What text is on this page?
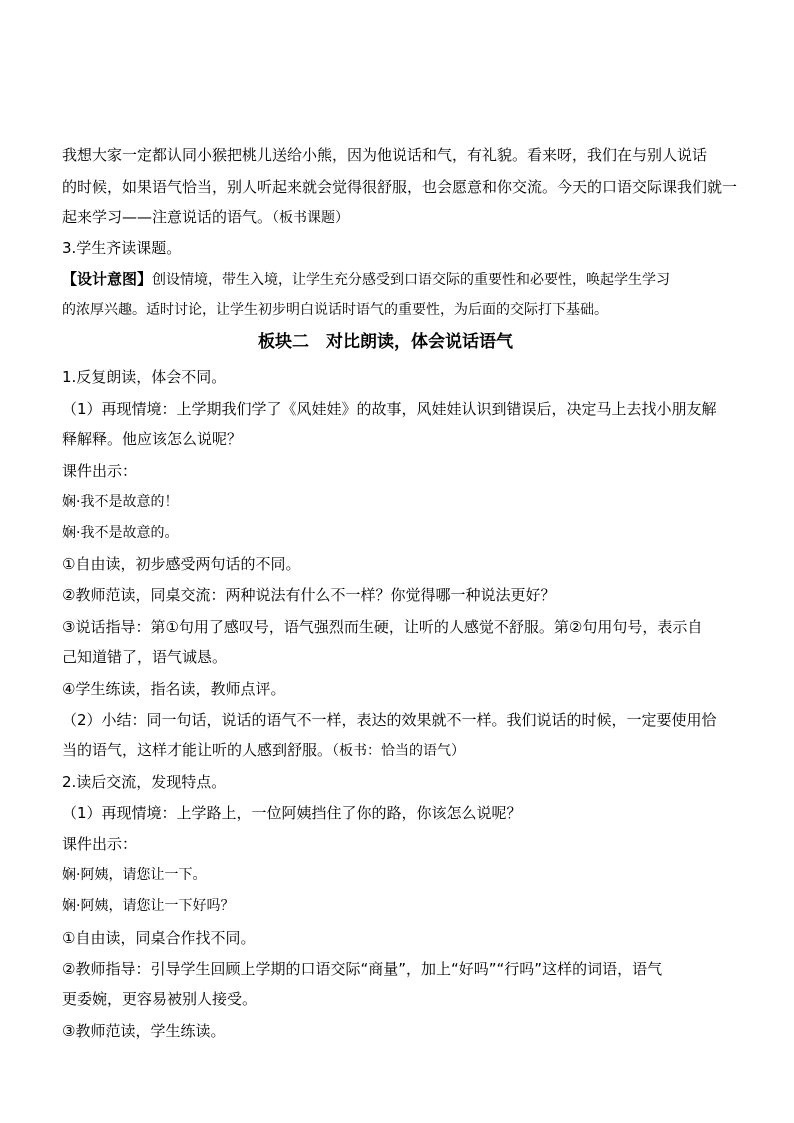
我想大家一定都认同小猴把桃儿送给小熊，因为他说话和气，有礼貌。看来呀，我们在与别人说话
的时候，如果语气恰当，别人听起来就会觉得很舒服，也会愿意和你交流。今天的口语交际课我们就一
起来学习——注意说话的语气。（板书课题）
3.学生齐读课题。
【设计意图】创设情境，带生入境，让学生充分感受到口语交际的重要性和必要性，唤起学生学习
的浓厚兴趣。适时讨论，让学生初步明白说话时语气的重要性，为后面的交际打下基础。
板块二　对比朗读，体会说话语气
1.反复朗读，体会不同。
（1）再现情境：上学期我们学了《风娃娃》的故事，风娃娃认识到错误后，决定马上去找小朋友解
释解释。他应该怎么说呢？
课件出示：
娴·我不是故意的！
娴·我不是故意的。
①自由读，初步感受两句话的不同。
②教师范读，同桌交流：两种说法有什么不一样？你觉得哪一种说法更好？
③说话指导：第①句用了感叹号，语气强烈而生硬，让听的人感觉不舒服。第②句用句号，表示自
己知道错了，语气诚恳。
④学生练读，指名读，教师点评。
（2）小结：同一句话，说话的语气不一样，表达的效果就不一样。我们说话的时候，一定要使用恰
当的语气，这样才能让听的人感到舒服。（板书：恰当的语气）
2.读后交流，发现特点。
（1）再现情境：上学路上，一位阿姨挡住了你的路，你该怎么说呢？
课件出示：
娴·阿姨，请您让一下。
娴·阿姨，请您让一下好吗？
①自由读，同桌合作找不同。
②教师指导：引导学生回顾上学期的口语交际“商量”，加上“好吗”“行吗”这样的词语，语气
更委婉，更容易被别人接受。
③教师范读，学生练读。
